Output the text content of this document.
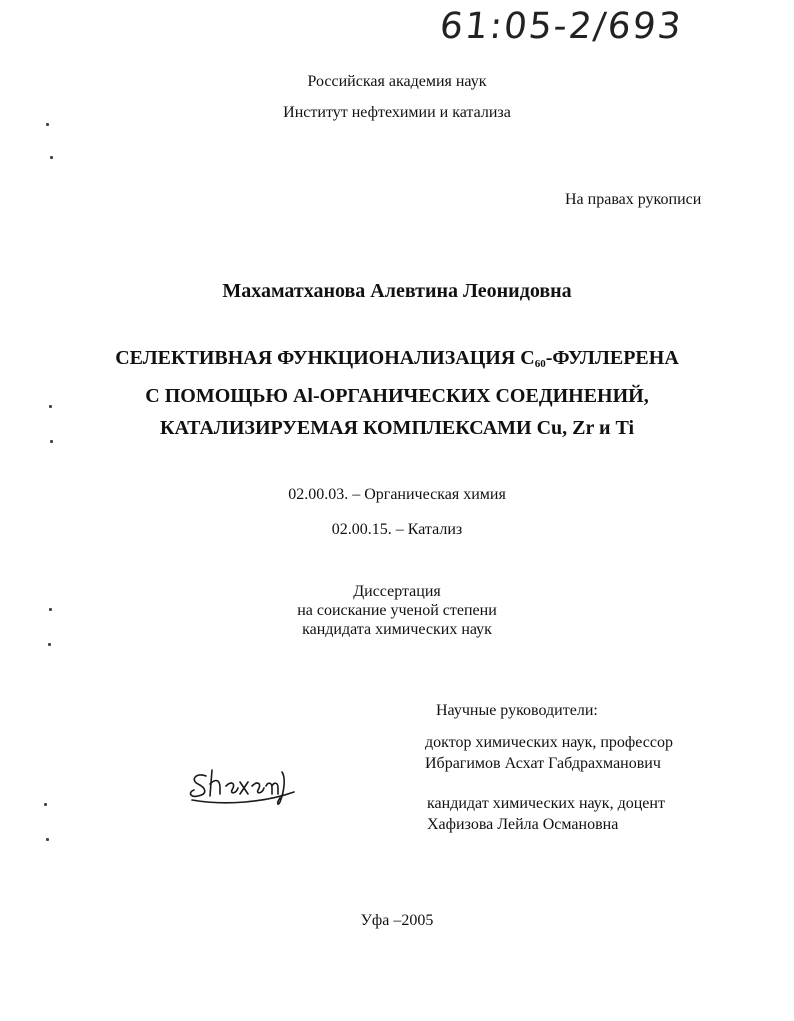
61:05-2/693
Российская академия наук
Институт нефтехимии и катализа
На правах рукописи
Махаматханова Алевтина Леонидовна
СЕЛЕКТИВНАЯ ФУНКЦИОНАЛИЗАЦИЯ $С_{60}$-ФУЛЛЕРЕНА
С ПОМОЩЬЮ Al-ОРГАНИЧЕСКИХ СОЕДИНЕНИЙ,
КАТАЛИЗИРУЕМАЯ КОМПЛЕКСАМИ Cu, Zr и Ti
02.00.03. – Органическая химия
02.00.15. – Катализ
Диссертация
на соискание ученой степени
кандидата химических наук
Научные руководители:
доктор химических наук, профессор
Ибрагимов Асхат Габдрахманович
кандидат химических наук, доцент
Хафизова Лейла Османовна
Уфа –2005
